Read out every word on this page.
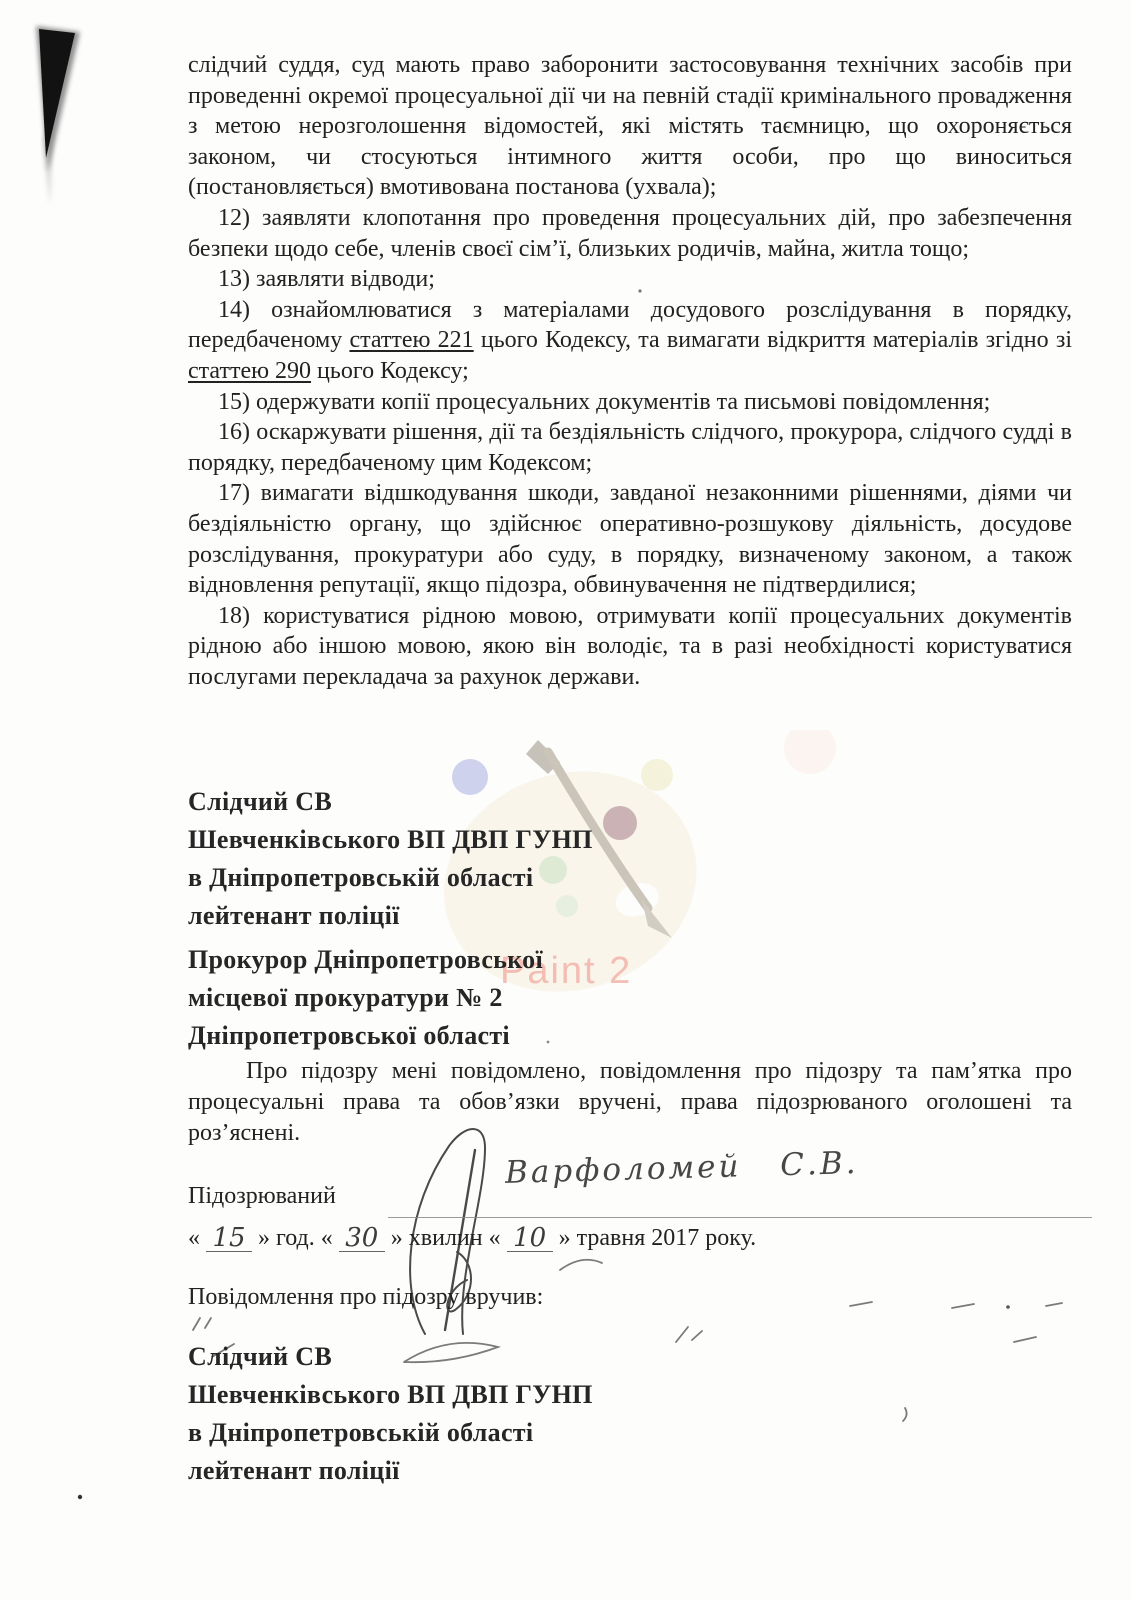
Paint 2

слідчий суддя, суд мають право заборонити застосовування технічних засобів при проведенні окремої процесуальної дії чи на певній стадії кримінального провадження з метою нерозголошення відомостей, які містять таємницю, що охороняється законом, чи стосуються інтимного життя особи, про що виноситься (постановляється) вмотивована постанова (ухвала);

12) заявляти клопотання про проведення процесуальних дій, про забезпечення безпеки щодо себе, членів своєї сім’ї, близьких родичів, майна, житла тощо;

13) заявляти відводи;

14) ознайомлюватися з матеріалами досудового розслідування в порядку, передбаченому статтею 221 цього Кодексу, та вимагати відкриття матеріалів згідно зі статтею 290 цього Кодексу;

15) одержувати копії процесуальних документів та письмові повідомлення;

16) оскаржувати рішення, дії та бездіяльність слідчого, прокурора, слідчого судді в порядку, передбаченому цим Кодексом;

17) вимагати відшкодування шкоди, завданої незаконними рішеннями, діями чи бездіяльністю органу, що здійснює оперативно-розшукову діяльність, досудове розслідування, прокуратури або суду, в порядку, визначеному законом, а також відновлення репутації, якщо підозра, обвинувачення не підтвердилися;

18) користуватися рідною мовою, отримувати копії процесуальних документів рідною або іншою мовою, якою він володіє, та в разі необхідності користуватися послугами перекладача за рахунок держави.

Слідчий СВ
Шевченківського ВП ДВП ГУНП
в Дніпропетровській області
лейтенант поліції
Прокурор Дніпропетровської
місцевої прокуратури № 2
Дніпропетровської області

Про підозру мені повідомлено, повідомлення про підозру та пам’ятка про процесуальні права та обов’язки вручені, права підозрюваного оголошені та роз’яснені.

Підозрюваний
Варфоломей С.В.
« 15 » год. « 30 » хвилин « 10 » травня 2017 року.
Повідомлення про підозру вручив:
Слідчий СВ
Шевченківського ВП ДВП ГУНП
в Дніпропетровській області
лейтенант поліції
